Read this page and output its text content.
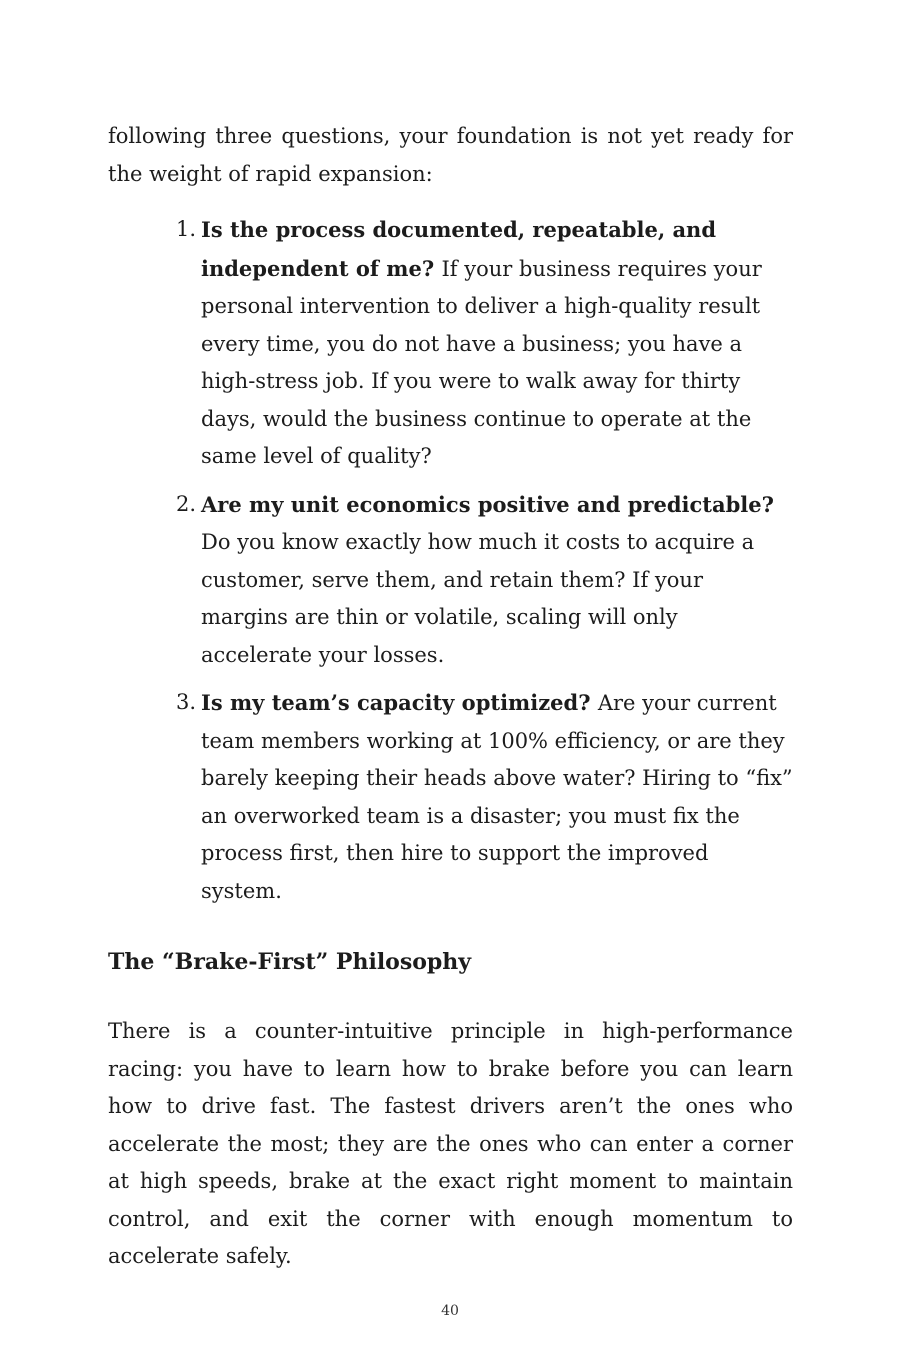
following three questions, your foundation is not yet ready for the weight of rapid expansion:

1. Is the process documented, repeatable, and independent of me? If your business requires your personal intervention to deliver a high-quality result every time, you do not have a business; you have a high-stress job. If you were to walk away for thirty days, would the business continue to operate at the same level of quality?
2. Are my unit economics positive and predictable? Do you know exactly how much it costs to acquire a customer, serve them, and retain them? If your margins are thin or volatile, scaling will only accelerate your losses.
3. Is my team’s capacity optimized? Are your current team members working at 100% efficiency, or are they barely keeping their heads above water? Hiring to “fix” an overworked team is a disaster; you must fix the process first, then hire to support the improved system.
The “Brake-First” Philosophy

There is a counter-intuitive principle in high-performance racing: you have to learn how to brake before you can learn how to drive fast. The fastest drivers aren’t the ones who accelerate the most; they are the ones who can enter a corner at high speeds, brake at the exact right moment to maintain control, and exit the corner with enough momentum to accelerate safely.

40
